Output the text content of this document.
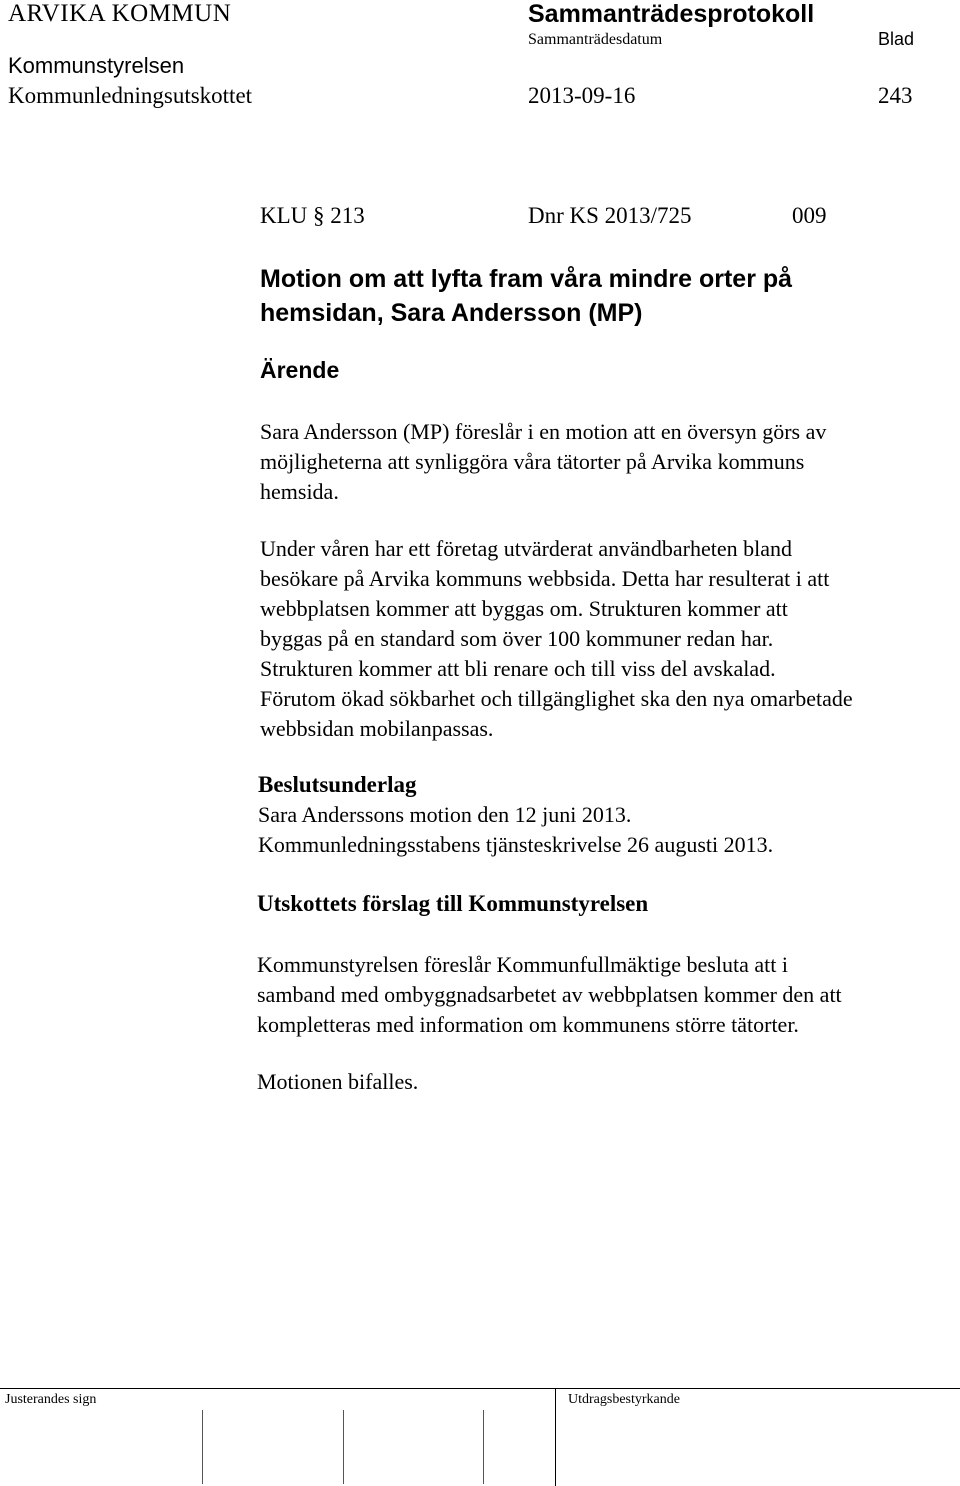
ARVIKA KOMMUN	Sammanträdesprotokoll
Sammanträdesdatum	Blad
Kommunstyrelsen
Kommunledningsutskottet	2013-09-16	243
KLU § 213	Dnr KS 2013/725	009
Motion om att lyfta fram våra mindre orter på hemsidan, Sara Andersson (MP)
Ärende
Sara Andersson (MP) föreslår i en motion att en översyn görs av
möjligheterna att synliggöra våra tätorter på Arvika kommuns
hemsida.
Under våren har ett företag utvärderat användbarheten bland
besökare på Arvika kommuns webbsida. Detta har resulterat i att
webbplatsen kommer att byggas om. Strukturen kommer att
byggas på en standard som över 100 kommuner redan har.
Strukturen kommer att bli renare och till viss del avskalad.
Förutom ökad sökbarhet och tillgänglighet ska den nya omarbetade
webbsidan mobilanpassas.
Beslutsunderlag
Sara Anderssons motion den 12 juni 2013.
Kommunledningsstabens tjänsteskrivelse 26 augusti 2013.
Utskottets förslag till Kommunstyrelsen
Kommunstyrelsen föreslår Kommunfullmäktige besluta att i
samband med ombyggnadsarbetet av webbplatsen kommer den att
kompletteras med information om kommunens större tätorter.
Motionen bifalles.
Justerandes sign	Utdragsbestyrkande
